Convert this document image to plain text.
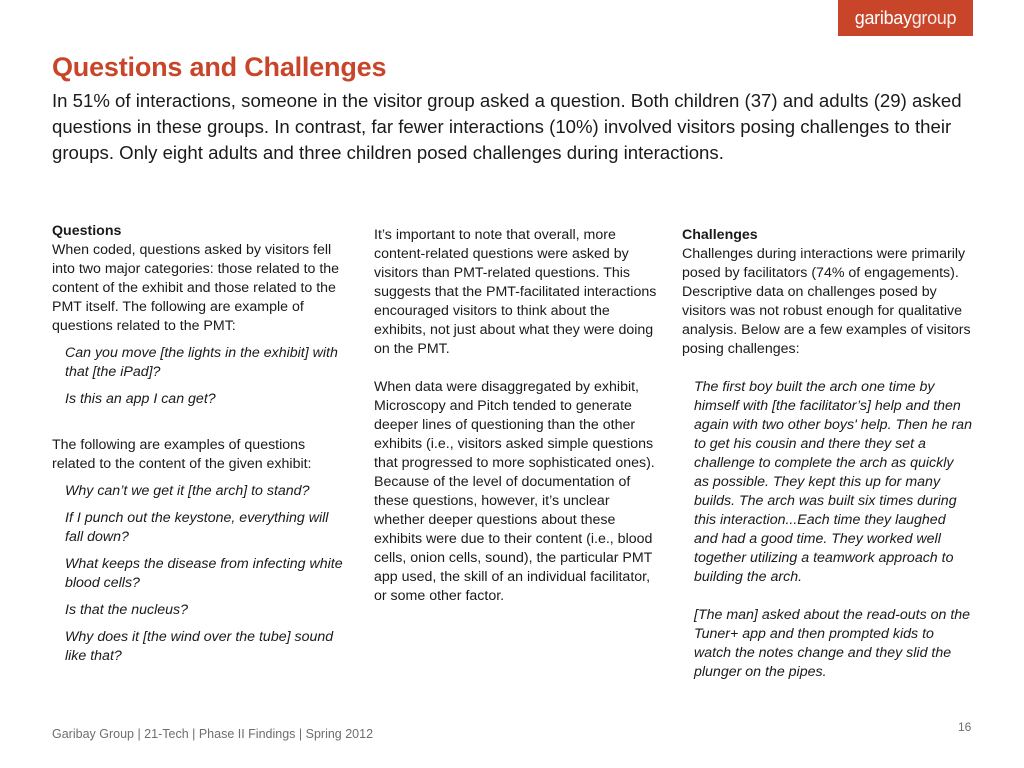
garibay group
Questions and Challenges

In 51% of interactions, someone in the visitor group asked a question. Both children (37) and adults (29) asked questions in these groups. In contrast, far fewer interactions (10%) involved visitors posing challenges to their groups. Only eight adults and three children posed challenges during interactions.

Questions

When coded, questions asked by visitors fell into two major categories: those related to the content of the exhibit and those related to the PMT itself. The following are example of questions related to the PMT:

Can you move [the lights in the exhibit] with that [the iPad]?

Is this an app I can get?

The following are examples of questions related to the content of the given exhibit:

Why can’t we get it [the arch] to stand?

If I punch out the keystone, everything will fall down?

What keeps the disease from infecting white blood cells?

Is that the nucleus?

Why does it [the wind over the tube] sound like that?

It’s important to note that overall, more content-related questions were asked by visitors than PMT-related questions. This suggests that the PMT-facilitated interactions encouraged visitors to think about the exhibits, not just about what they were doing on the PMT.

When data were disaggregated by exhibit, Microscopy and Pitch tended to generate deeper lines of questioning than the other exhibits (i.e., visitors asked simple questions that progressed to more sophisticated ones). Because of the level of documentation of these questions, however, it’s unclear whether deeper questions about these exhibits were due to their content (i.e., blood cells, onion cells, sound), the particular PMT app used, the skill of an individual facilitator, or some other factor.

Challenges

Challenges during interactions were primarily posed by facilitators (74% of engagements). Descriptive data on challenges posed by visitors was not robust enough for qualitative analysis. Below are a few examples of visitors posing challenges:

The first boy built the arch one time by himself with [the facilitator’s] help and then again with two other boys' help. Then he ran to get his cousin and there they set a challenge to complete the arch as quickly as possible. They kept this up for many builds. The arch was built six times during this interaction...Each time they laughed and had a good time. They worked well together utilizing a teamwork approach to building the arch.

[The man] asked about the read-outs on the Tuner+ app and then prompted kids to watch the notes change and they slid the plunger on the pipes.

Garibay Group | 21-Tech | Phase II Findings | Spring 2012	16
